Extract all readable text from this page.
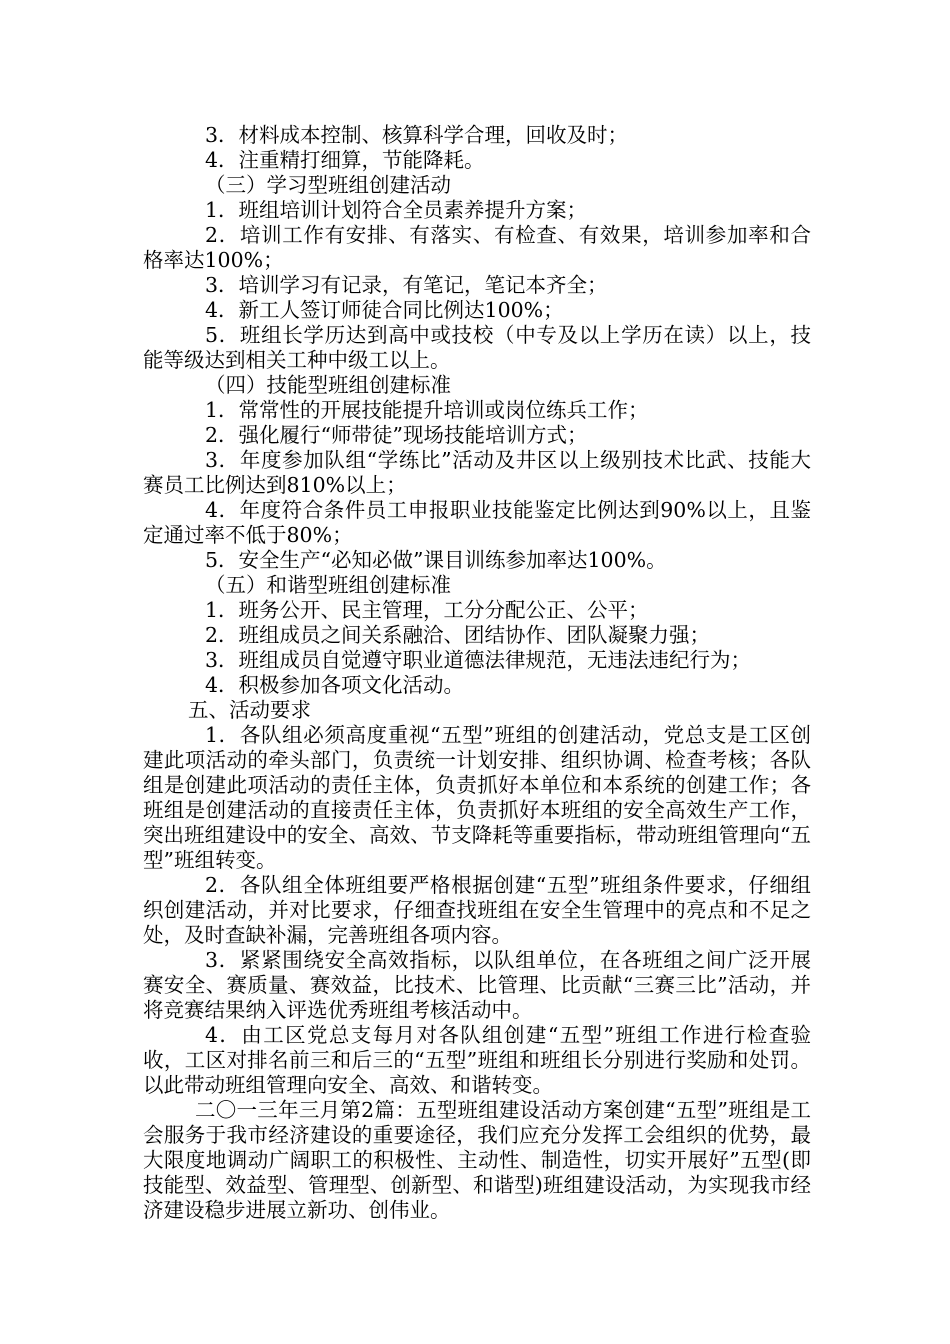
3．材料成本控制、核算科学合理，回收及时；

4．注重精打细算，节能降耗。

（三）学习型班组创建活动

1．班组培训计划符合全员素养提升方案；

2．培训工作有安排、有落实、有检查、有效果，培训参加率和合格率达100%；

3．培训学习有记录，有笔记，笔记本齐全；

4．新工人签订师徒合同比例达100%；

5．班组长学历达到高中或技校（中专及以上学历在读）以上，技能等级达到相关工种中级工以上。

（四）技能型班组创建标准

1．常常性的开展技能提升培训或岗位练兵工作；

2．强化履行“师带徒”现场技能培训方式；

3．年度参加队组“学练比”活动及井区以上级别技术比武、技能大赛员工比例达到810%以上；

4．年度符合条件员工申报职业技能鉴定比例达到90%以上，且鉴定通过率不低于80%；

5．安全生产“必知必做”课目训练参加率达100%。

（五）和谐型班组创建标准

1．班务公开、民主管理，工分分配公正、公平；

2．班组成员之间关系融洽、团结协作、团队凝聚力强；

3．班组成员自觉遵守职业道德法律规范，无违法违纪行为；

4．积极参加各项文化活动。

五、活动要求

1．各队组必须高度重视“五型”班组的创建活动，党总支是工区创建此项活动的牵头部门，负责统一计划安排、组织协调、检查考核；各队组是创建此项活动的责任主体，负责抓好本单位和本系统的创建工作；各班组是创建活动的直接责任主体，负责抓好本班组的安全高效生产工作，突出班组建设中的安全、高效、节支降耗等重要指标，带动班组管理向“五型”班组转变。

2．各队组全体班组要严格根据创建“五型”班组条件要求，仔细组织创建活动，并对比要求，仔细查找班组在安全生管理中的亮点和不足之处，及时查缺补漏，完善班组各项内容。

3．紧紧围绕安全高效指标，以队组单位，在各班组之间广泛开展赛安全、赛质量、赛效益，比技术、比管理、比贡献“三赛三比”活动，并将竞赛结果纳入评选优秀班组考核活动中。

4．由工区党总支每月对各队组创建“五型”班组工作进行检查验收，工区对排名前三和后三的“五型”班组和班组长分别进行奖励和处罚。以此带动班组管理向安全、高效、和谐转变。

二〇一三年三月第2篇：五型班组建设活动方案创建“五型”班组是工会服务于我市经济建设的重要途径，我们应充分发挥工会组织的优势，最大限度地调动广阔职工的积极性、主动性、制造性，切实开展好”五型(即技能型、效益型、管理型、创新型、和谐型)班组建设活动，为实现我市经济建设稳步进展立新功、创伟业。
